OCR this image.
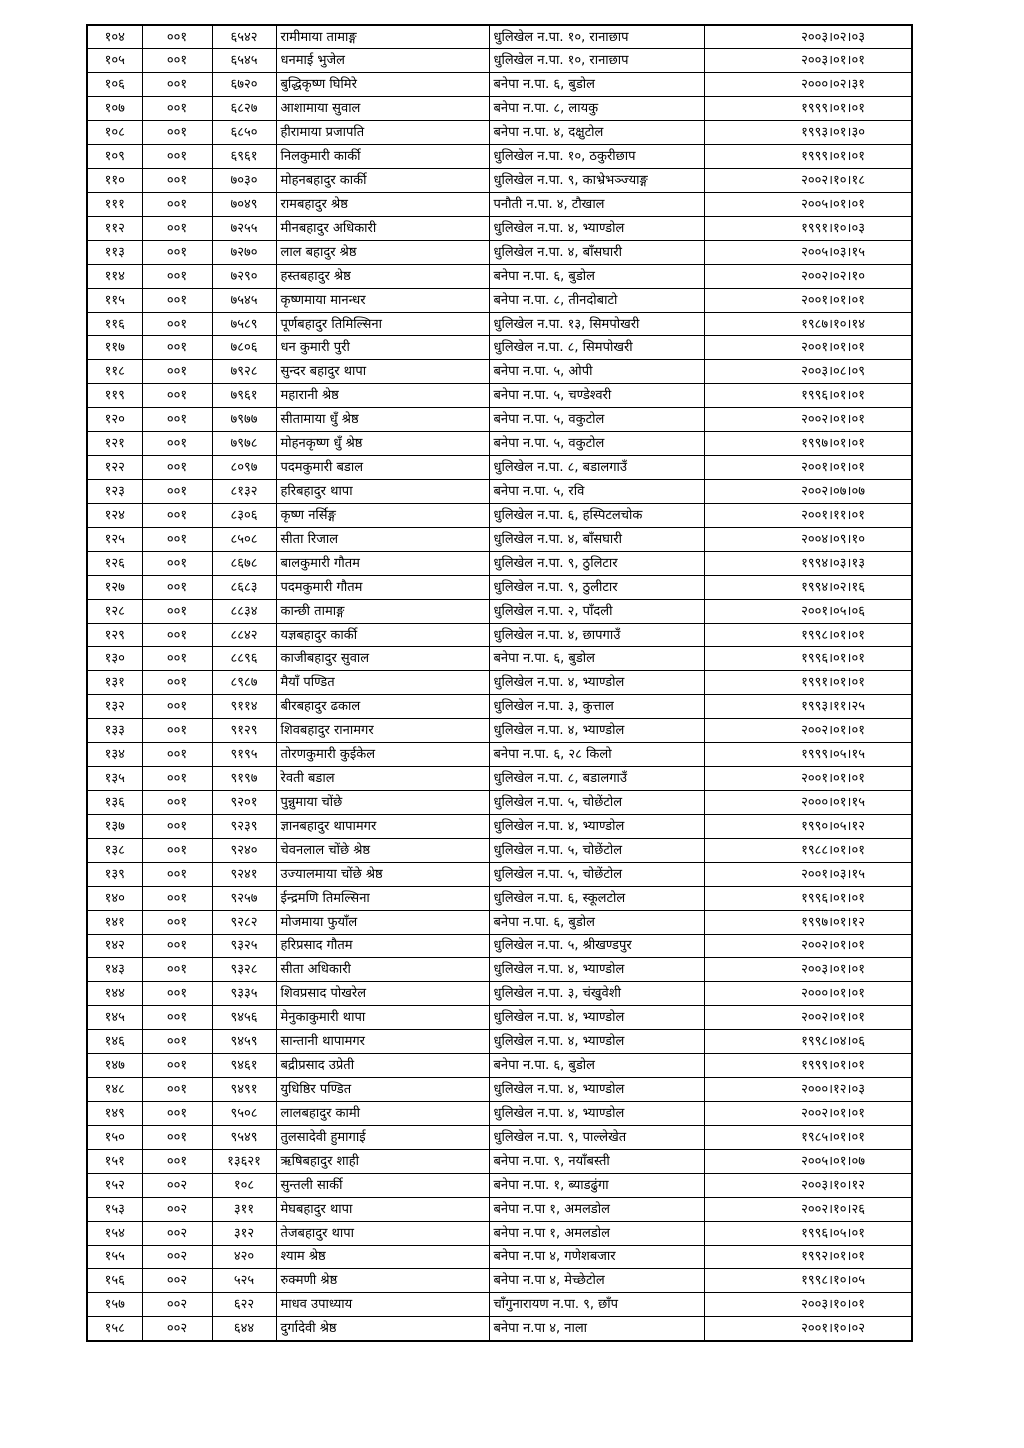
१०४	००१	६५४२	रामीमाया तामाङ्ग	धुलिखेल न.पा. १०, रानाछाप	२००३।०२।०३
१०५	००१	६५४५	धनमाई भुजेल	धुलिखेल न.पा. १०, रानाछाप	२००३।०१।०१
१०६	००१	६७२०	बुद्धिकृष्ण घिमिरे	बनेपा न.पा. ६, बुडोल	२०००।०२।३१
१०७	००१	६८२७	आशामाया सुवाल	बनेपा न.पा. ८, लायकु	१९९९।०१।०१
१०८	००१	६८५०	हीरामाया प्रजापति	बनेपा न.पा. ४, दक्षुटोल	१९९३।०१।३०
१०९	००१	६९६१	निलकुमारी कार्की	धुलिखेल न.पा. १०, ठकुरीछाप	१९९९।०१।०१
११०	००१	७०३०	मोहनबहादुर कार्की	धुलिखेल न.पा. ९, काभ्रेभञ्ज्याङ्ग	२००२।१०।१८
१११	००१	७०४९	रामबहादुर श्रेष्ठ	पनौती न.पा. ४, टौखाल	२००५।०१।०१
११२	००१	७२५५	मीनबहादुर अधिकारी	धुलिखेल न.पा. ४, भ्याण्डोल	१९९१।१०।०३
११३	००१	७२७०	लाल बहादुर श्रेष्ठ	धुलिखेल न.पा. ४, बाँसघारी	२००५।०३।१५
११४	००१	७२९०	हस्तबहादुर श्रेष्ठ	बनेपा न.पा. ६, बुडोल	२००२।०२।१०
११५	००१	७५४५	कृष्णमाया मानन्धर	बनेपा न.पा. ८, तीनदोबाटो	२००१।०१।०१
११६	००१	७५८९	पूर्णबहादुर तिमिल्सिना	धुलिखेल न.पा. १३, सिमपोखरी	१९८७।१०।१४
११७	००१	७८०६	धन कुमारी पुरी	धुलिखेल न.पा. ८, सिमपोखरी	२००१।०१।०१
११८	००१	७९२८	सुन्दर बहादुर थापा	बनेपा न.पा. ५, ओपी	२००३।०८।०९
११९	००१	७९६१	महारानी श्रेष्ठ	बनेपा न.पा. ५, चण्डेश्वरी	१९९६।०१।०१
१२०	००१	७९७७	सीतामाया धुँ श्रेष्ठ	बनेपा न.पा. ५, वकुटोल	२००२।०१।०१
१२१	००१	७९७८	मोहनकृष्ण धुँ श्रेष्ठ	बनेपा न.पा. ५, वकुटोल	१९९७।०१।०१
१२२	००१	८०९७	पदमकुमारी बडाल	धुलिखेल न.पा. ८, बडालगाउँ	२००१।०१।०१
१२३	००१	८१३२	हरिबहादुर थापा	बनेपा न.पा. ५, रवि	२००२।०७।०७
१२४	००१	८३०६	कृष्ण नर्सिङ्ग	धुलिखेल न.पा. ६, हस्पिटलचोक	२००१।११।०१
१२५	००१	८५०८	सीता रिजाल	धुलिखेल न.पा. ४, बाँसघारी	२००४।०९।१०
१२६	००१	८६७८	बालकुमारी गौतम	धुलिखेल न.पा. ९, ठुलिटार	१९९४।०३।१३
१२७	००१	८६८३	पदमकुमारी गौतम	धुलिखेल न.पा. ९, ठुलीटार	१९९४।०२।१६
१२८	००१	८८३४	कान्छी तामाङ्ग	धुलिखेल न.पा. २, पाँदली	२००१।०५।०६
१२९	००१	८८४२	यज्ञबहादुर कार्की	धुलिखेल न.पा. ४, छापगाउँ	१९९८।०१।०१
१३०	००१	८८९६	काजीबहादुर सुवाल	बनेपा न.पा. ६, बुडोल	१९९६।०१।०१
१३१	००१	८९८७	मैयाँ पण्डित	धुलिखेल न.पा. ४, भ्याण्डोल	१९९१।०१।०१
१३२	००१	९११४	बीरबहादुर ढकाल	धुलिखेल न.पा. ३, कुत्ताल	१९९३।११।२५
१३३	००१	९१२९	शिवबहादुर रानामगर	धुलिखेल न.पा. ४, भ्याण्डोल	२००२।०१।०१
१३४	००१	९१९५	तोरणकुमारी कुईकेल	बनेपा न.पा. ६, २८ किलो	१९९९।०५।१५
१३५	००१	९१९७	रेवती बडाल	धुलिखेल न.पा. ८, बडालगाउँ	२००१।०१।०१
१३६	००१	९२०१	पुन्नुमाया चोंछे	धुलिखेल न.पा. ५, चोछेंटोल	२०००।०१।१५
१३७	००१	९२३९	ज्ञानबहादुर थापामगर	धुलिखेल न.पा. ४, भ्याण्डोल	१९९०।०५।१२
१३८	००१	९२४०	चेवनलाल चोंछे श्रेष्ठ	धुलिखेल न.पा. ५, चोछेंटोल	१९८८।०१।०१
१३९	००१	९२४१	उज्यालमाया चोंछे श्रेष्ठ	धुलिखेल न.पा. ५, चोछेंटोल	२००१।०३।१५
१४०	००१	९२५७	ईन्द्रमणि तिमल्सिना	धुलिखेल न.पा. ६, स्कूलटोल	१९९६।०१।०१
१४१	००१	९२८२	मोजमाया फुयाँल	बनेपा न.पा. ६, बुडोल	१९९७।०१।१२
१४२	००१	९३२५	हरिप्रसाद गौतम	धुलिखेल न.पा. ५, श्रीखण्डपुर	२००२।०१।०१
१४३	००१	९३२८	सीता अधिकारी	धुलिखेल न.पा. ४, भ्याण्डोल	२००३।०१।०१
१४४	००१	९३३५	शिवप्रसाद पोखरेल	धुलिखेल न.पा. ३, चंखुवेशी	२०००।०१।०१
१४५	००१	९४५६	मेनुकाकुमारी थापा	धुलिखेल न.पा. ४, भ्याण्डोल	२००२।०१।०१
१४६	००१	९४५९	सान्तानी थापामगर	धुलिखेल न.पा. ४, भ्याण्डोल	१९९८।०४।०६
१४७	००१	९४६१	बद्रीप्रसाद उप्रेती	बनेपा न.पा. ६, बुडोल	१९९९।०१।०१
१४८	००१	९४९१	युधिष्ठिर पण्डित	धुलिखेल न.पा. ४, भ्याण्डोल	२०००।१२।०३
१४९	००१	९५०८	लालबहादुर कामी	धुलिखेल न.पा. ४, भ्याण्डोल	२००२।०१।०१
१५०	००१	९५४९	तुलसादेवी हुमागाई	धुलिखेल न.पा. ९, पाल्लेखेत	१९८५।०१।०१
१५१	००१	१३६२१	ऋषिबहादुर शाही	बनेपा न.पा. ९, नयाँबस्ती	२००५।०१।०७
१५२	००२	१०८	सुन्तली सार्की	बनेपा न.पा. १, ब्याडढुंगा	२००३।१०।१२
१५३	००२	३११	मेघबहादुर थापा	बनेपा न.पा १, अमलडोल	२००२।१०।२६
१५४	००२	३१२	तेजबहादुर थापा	बनेपा न.पा १, अमलडोल	१९९६।०५।०१
१५५	००२	४२०	श्याम श्रेष्ठ	बनेपा न.पा ४, गणेशबजार	१९९२।०१।०१
१५६	००२	५२५	रुक्मणी श्रेष्ठ	बनेपा न.पा ४, मेच्छेटोल	१९९८।१०।०५
१५७	००२	६२२	माधव उपाध्याय	चाँगुनारायण न.पा. ९, छाँप	२००३।१०।०१
१५८	००२	६४४	दुर्गादेवी श्रेष्ठ	बनेपा न.पा ४, नाला	२००१।१०।०२
